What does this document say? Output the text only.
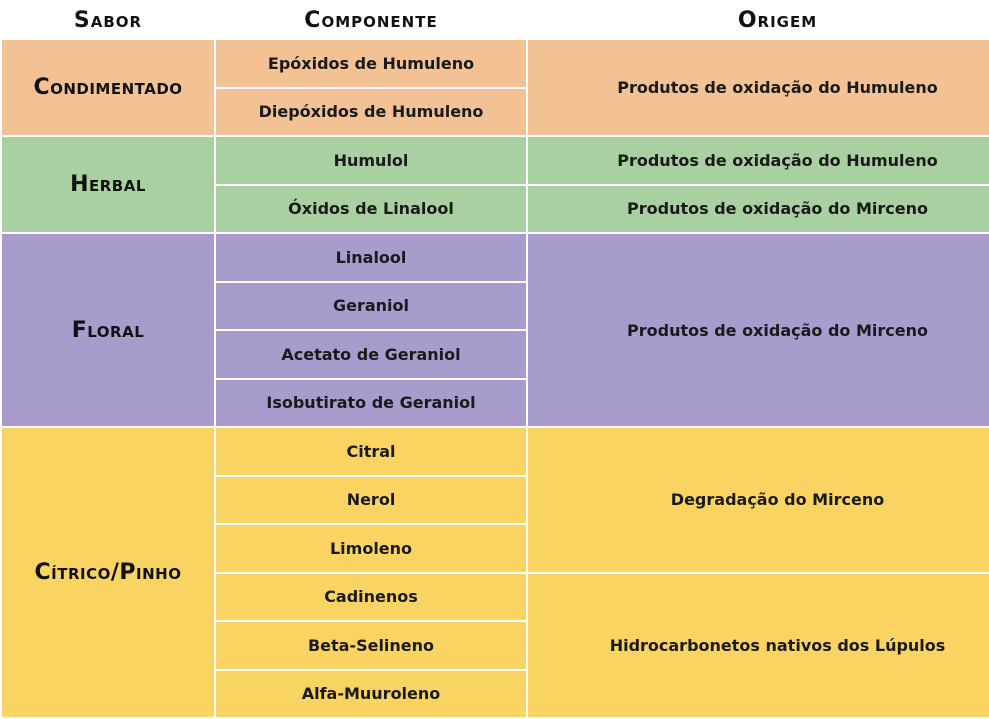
Sabor	Componente	Origem
Condimentado	Epóxidos de Humuleno	Produtos de oxidação do Humuleno
	Diepóxidos de Humuleno	
Herbal	Humulol	Produtos de oxidação do Humuleno
	Óxidos de Linalool	Produtos de oxidação do Mirceno
Floral	Linalool	Produtos de oxidação do Mirceno
	Geraniol	
	Acetato de Geraniol	
	Isobutirato de Geraniol	
Cítrico/Pinho	Citral	Degradação do Mirceno
	Nerol	
	Limoleno	
	Cadinenos	Hidrocarbonetos nativos dos Lúpulos
	Beta-Selineno	
	Alfa-Muuroleno	
